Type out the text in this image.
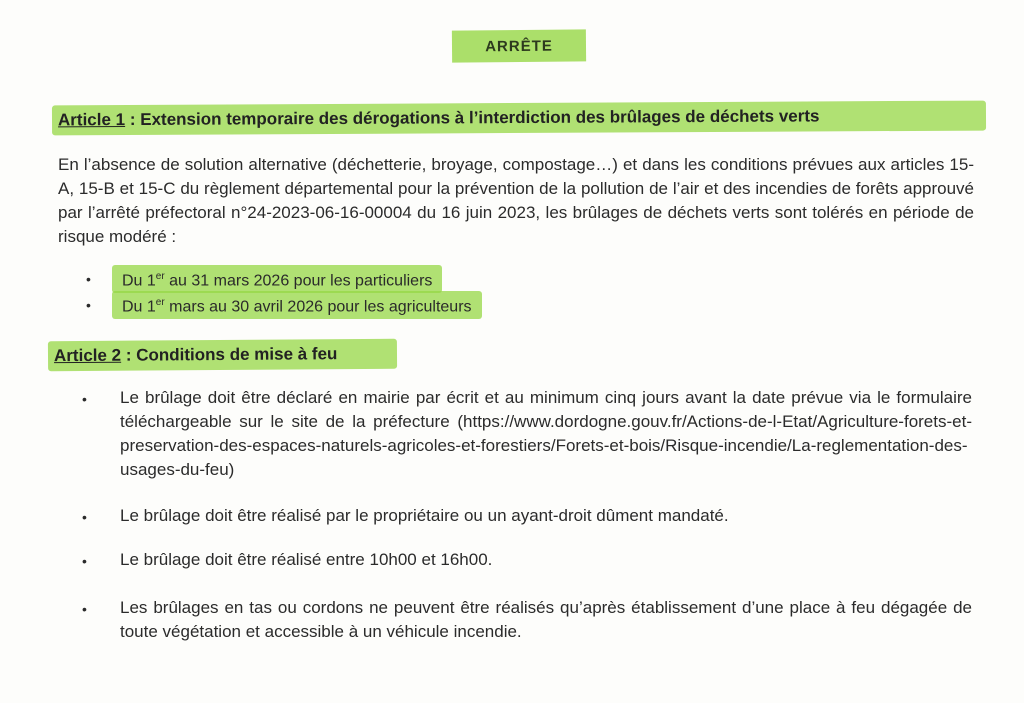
ARRÊTE
Article 1 : Extension temporaire des dérogations à l’interdiction des brûlages de déchets verts
En l’absence de solution alternative (déchetterie, broyage, compostage…) et dans les conditions prévues aux articles 15-A, 15-B et 15-C du règlement départemental pour la prévention de la pollution de l’air et des incendies de forêts approuvé par l’arrêté préfectoral n°24-2023-06-16-00004 du 16 juin 2023, les brûlages de déchets verts sont tolérés en période de risque modéré :
•	Du 1er au 31 mars 2026 pour les particuliers
•	Du 1er mars au 30 avril 2026 pour les agriculteurs
Article 2 : Conditions de mise à feu
•	Le brûlage doit être déclaré en mairie par écrit et au minimum cinq jours avant la date prévue via le formulaire téléchargeable sur le site de la préfecture (https://www.dordogne.gouv.fr/Actions-de-l-Etat/Agriculture-forets-et-preservation-des-espaces-naturels-agricoles-et-forestiers/Forets-et-bois/Risque-incendie/La-reglementation-des-usages-du-feu)
•	Le brûlage doit être réalisé par le propriétaire ou un ayant-droit dûment mandaté.
•	Le brûlage doit être réalisé entre 10h00 et 16h00.
•	Les brûlages en tas ou cordons ne peuvent être réalisés qu’après établissement d’une place à feu dégagée de toute végétation et accessible à un véhicule incendie.
